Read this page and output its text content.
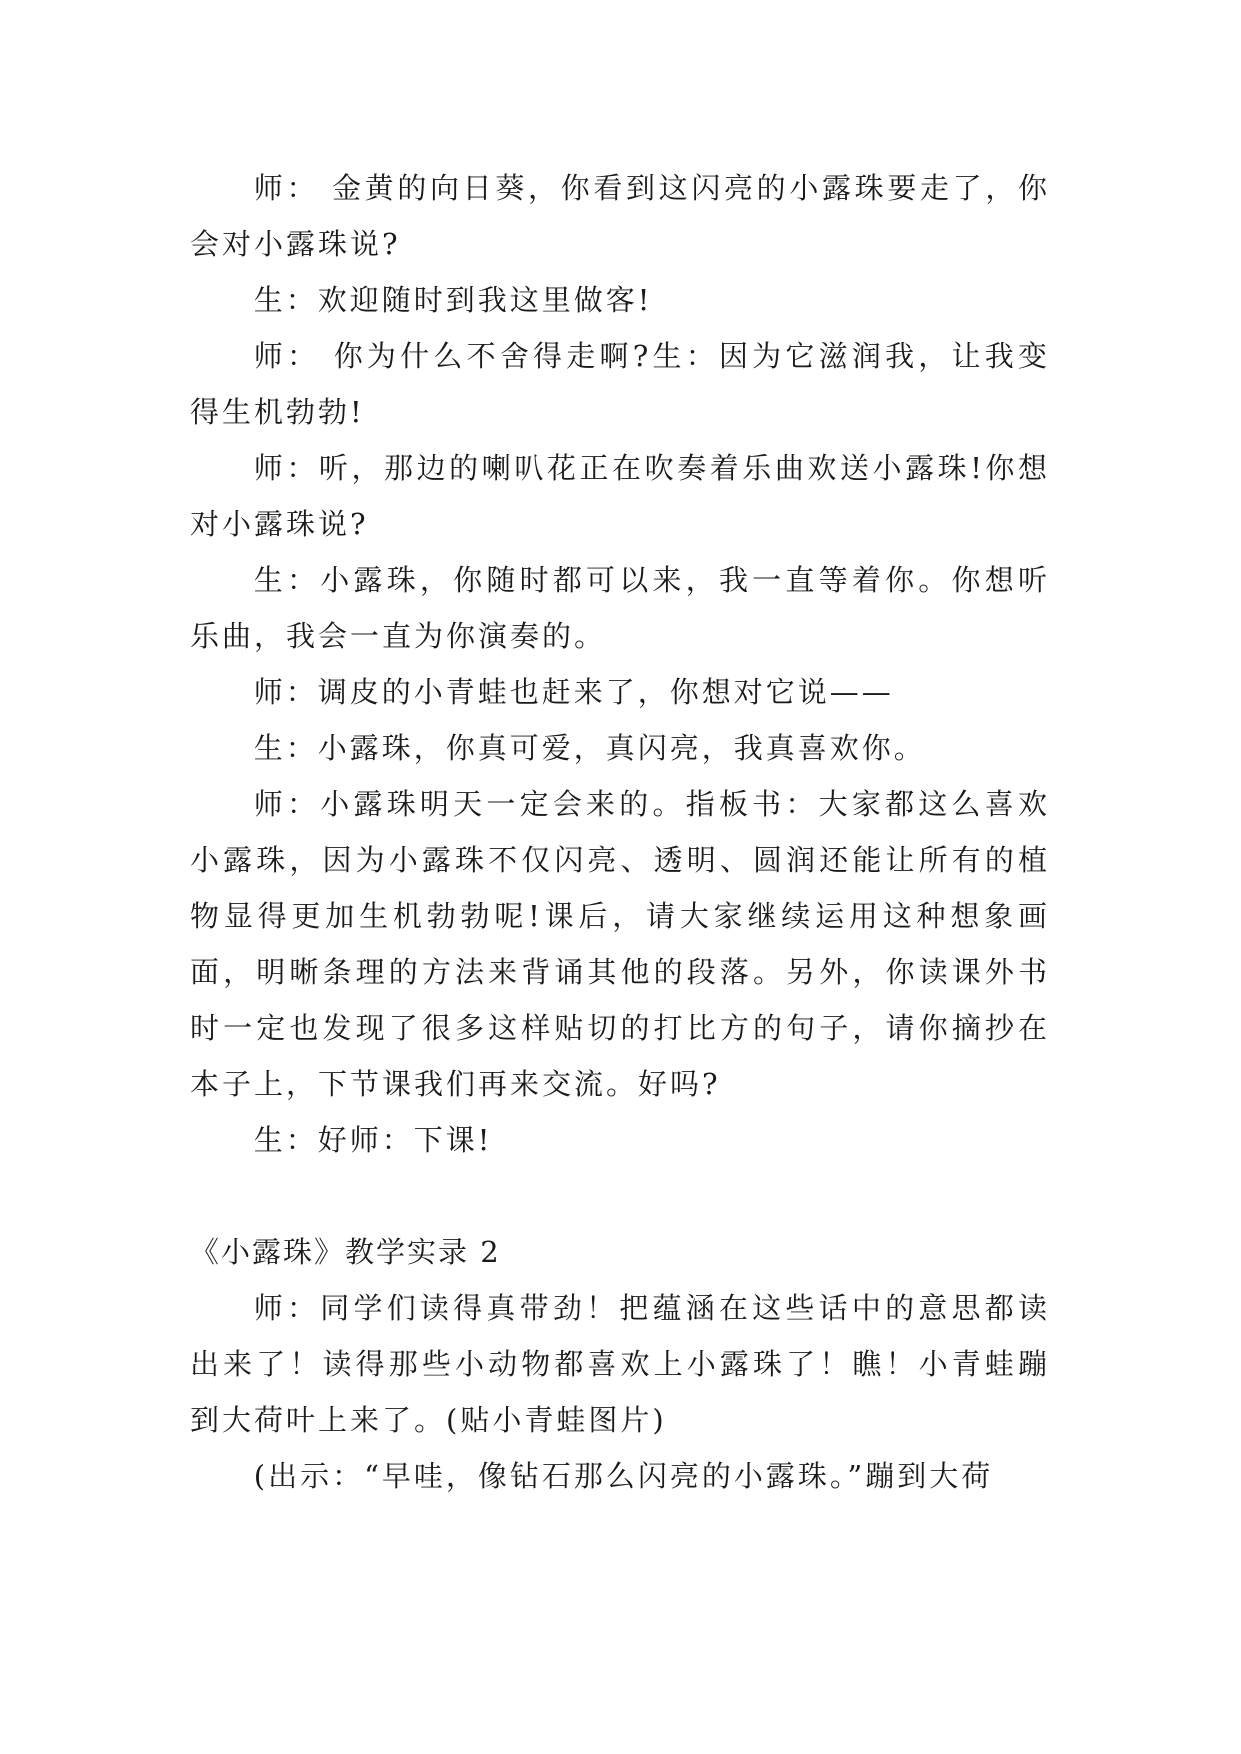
师： 金黄的向日葵，你看到这闪亮的小露珠要走了，你会对小露珠说?

生：欢迎随时到我这里做客!

师： 你为什么不舍得走啊?生：因为它滋润我，让我变得生机勃勃!

师：听，那边的喇叭花正在吹奏着乐曲欢送小露珠!你想对小露珠说?

生：小露珠，你随时都可以来，我一直等着你。你想听乐曲，我会一直为你演奏的。

师：调皮的小青蛙也赶来了，你想对它说——

生：小露珠，你真可爱，真闪亮，我真喜欢你。

师：小露珠明天一定会来的。指板书：大家都这么喜欢小露珠，因为小露珠不仅闪亮、透明、圆润还能让所有的植物显得更加生机勃勃呢!课后，请大家继续运用这种想象画面，明晰条理的方法来背诵其他的段落。另外，你读课外书时一定也发现了很多这样贴切的打比方的句子，请你摘抄在本子上，下节课我们再来交流。好吗?

生：好师：下课!

《小露珠》教学实录 2

师：同学们读得真带劲！把蕴涵在这些话中的意思都读出来了！读得那些小动物都喜欢上小露珠了！瞧！小青蛙蹦到大荷叶上来了。(贴小青蛙图片)

(出示：“早哇，像钻石那么闪亮的小露珠。”蹦到大荷
